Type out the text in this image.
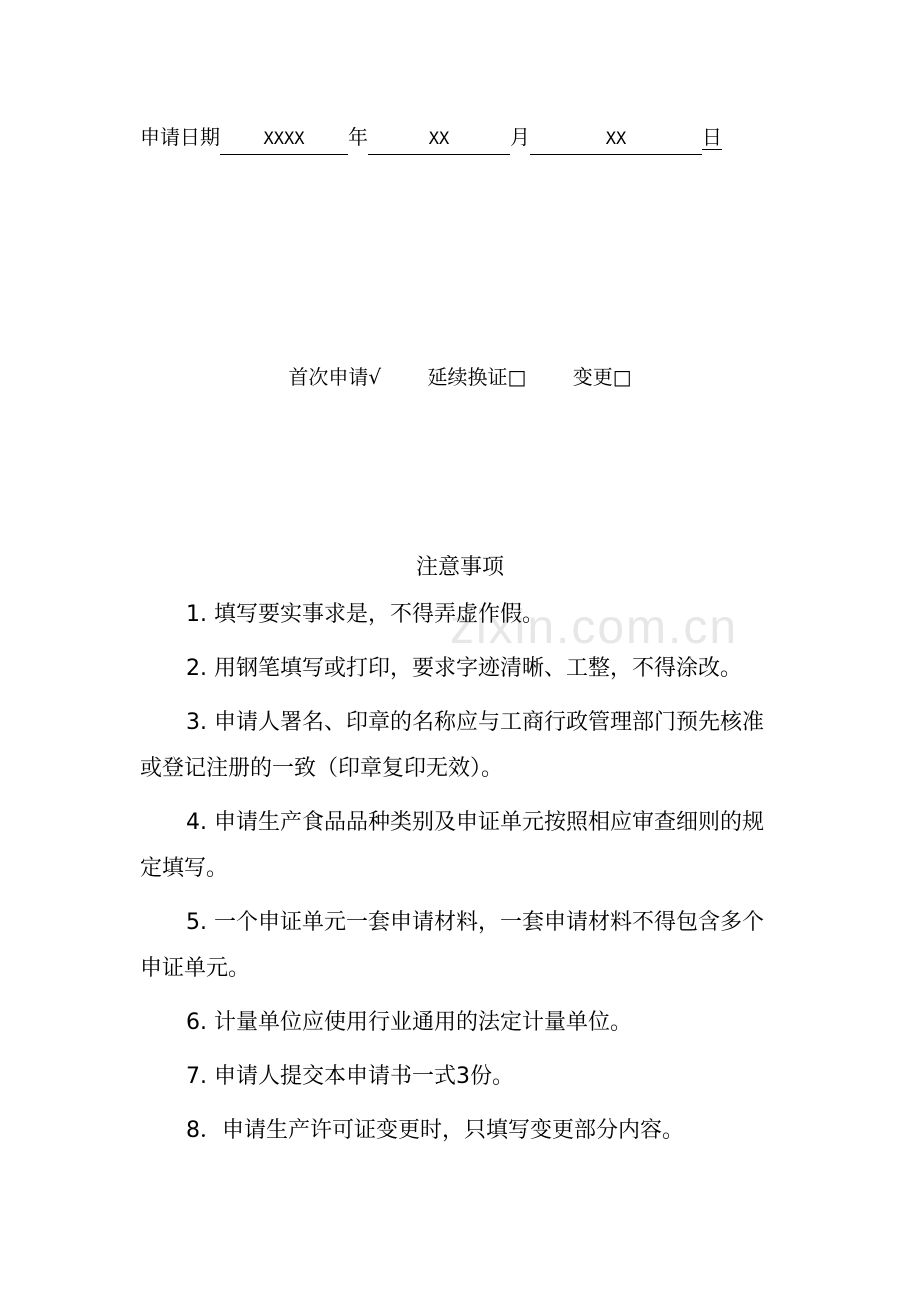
申请日期	XXXX 年	XX	月	XX	日
首次申请√ 延续换证□ 变更□
zixin.com.cn
注意事项

1. 填写要实事求是，不得弄虚作假。

2. 用钢笔填写或打印，要求字迹清晰、工整，不得涂改。

3. 申请人署名、印章的名称应与工商行政管理部门预先核准或登记注册的一致（印章复印无效）。

4. 申请生产食品品种类别及申证单元按照相应审查细则的规定填写。

5. 一个申证单元一套申请材料，一套申请材料不得包含多个申证单元。

6. 计量单位应使用行业通用的法定计量单位。

7. 申请人提交本申请书一式3份。

8．申请生产许可证变更时，只填写变更部分内容。
